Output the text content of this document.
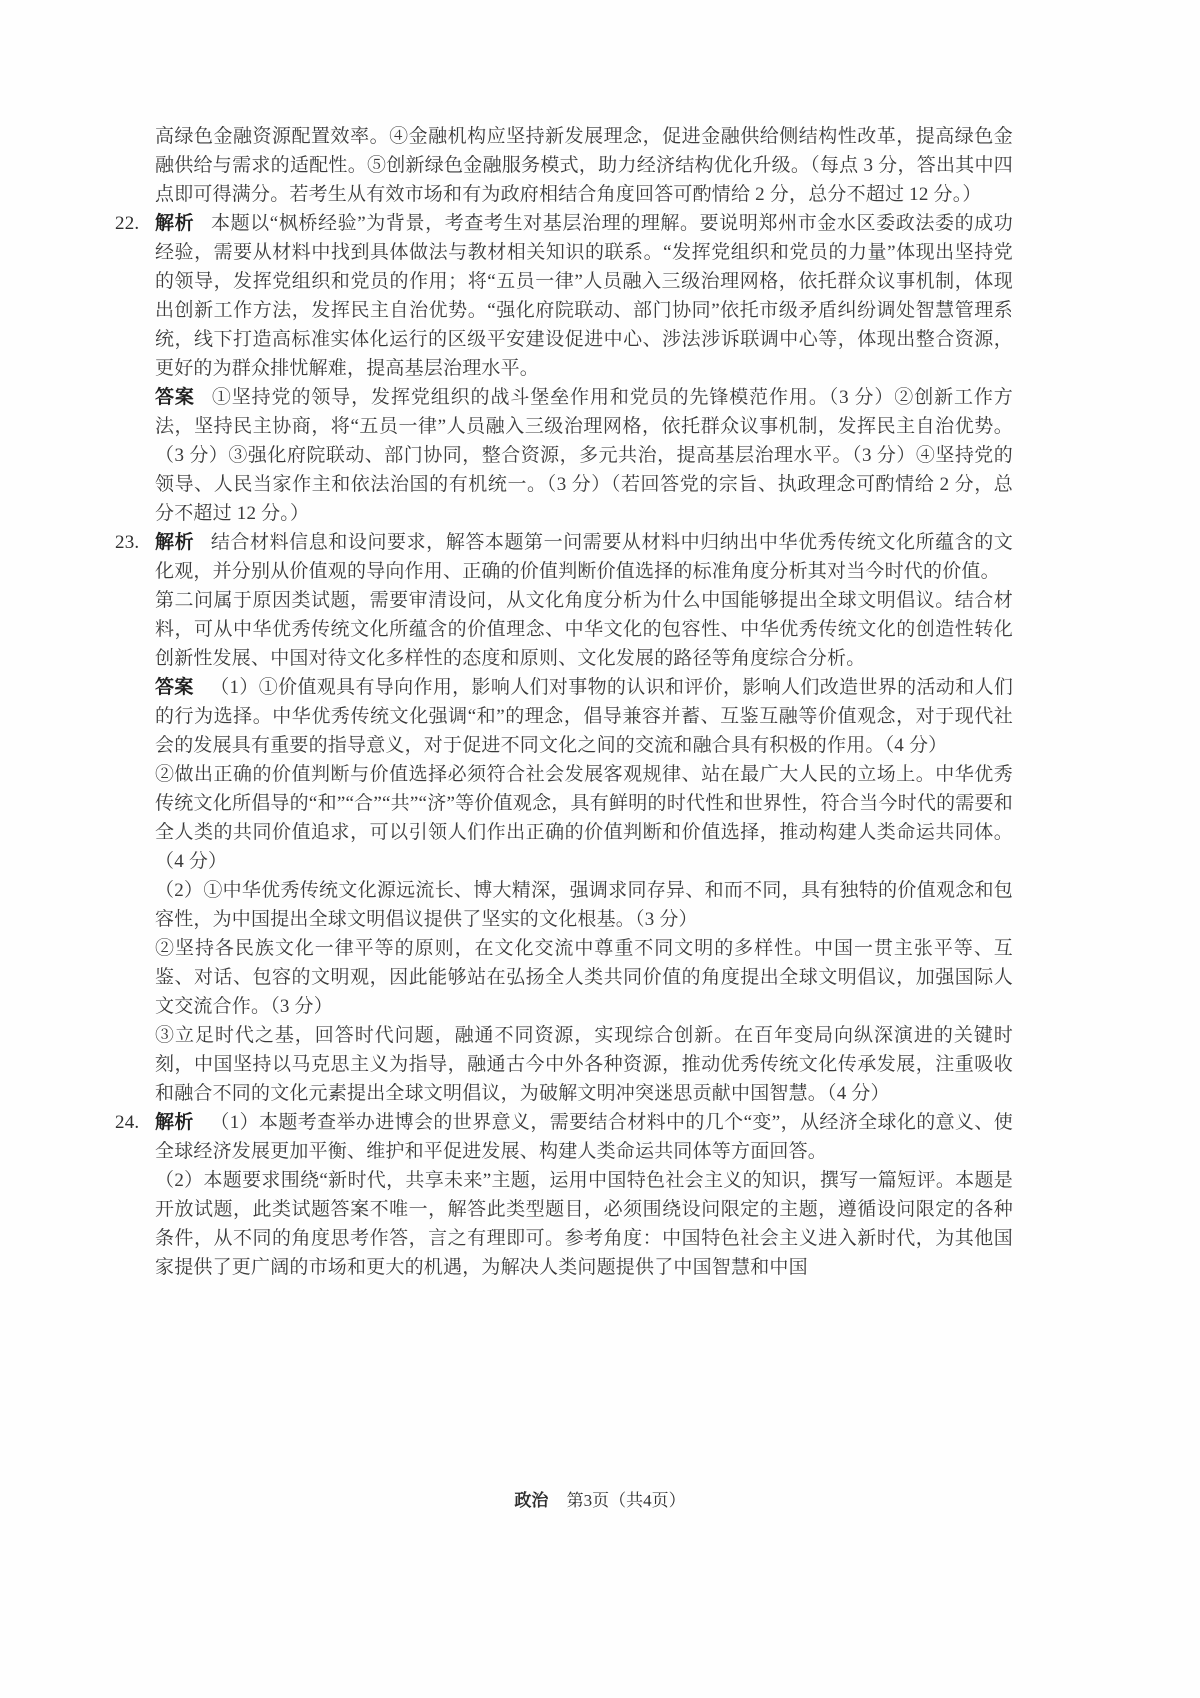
高绿色金融资源配置效率。④金融机构应坚持新发展理念，促进金融供给侧结构性改革，提高绿色金融供给与需求的适配性。⑤创新绿色金融服务模式，助力经济结构优化升级。（每点 3 分，答出其中四点即可得满分。若考生从有效市场和有为政府相结合角度回答可酌情给 2 分，总分不超过 12 分。）

22. 解析 本题以“枫桥经验”为背景，考查考生对基层治理的理解。要说明郑州市金水区委政法委的成功经验，需要从材料中找到具体做法与教材相关知识的联系。“发挥党组织和党员的力量”体现出坚持党的领导，发挥党组织和党员的作用；将“五员一律”人员融入三级治理网格，依托群众议事机制，体现出创新工作方法，发挥民主自治优势。“强化府院联动、部门协同”依托市级矛盾纠纷调处智慧管理系统，线下打造高标准实体化运行的区级平安建设促进中心、涉法涉诉联调中心等，体现出整合资源，更好的为群众排忧解难，提高基层治理水平。

答案 ①坚持党的领导，发挥党组织的战斗堡垒作用和党员的先锋模范作用。（3 分）②创新工作方法，坚持民主协商，将“五员一律”人员融入三级治理网格，依托群众议事机制，发挥民主自治优势。（3 分）③强化府院联动、部门协同，整合资源，多元共治，提高基层治理水平。（3 分）④坚持党的领导、人民当家作主和依法治国的有机统一。（3 分）（若回答党的宗旨、执政理念可酌情给 2 分，总分不超过 12 分。）

23. 解析 结合材料信息和设问要求，解答本题第一问需要从材料中归纳出中华优秀传统文化所蕴含的文化观，并分别从价值观的导向作用、正确的价值判断价值选择的标准角度分析其对当今时代的价值。

第二问属于原因类试题，需要审清设问，从文化角度分析为什么中国能够提出全球文明倡议。结合材料，可从中华优秀传统文化所蕴含的价值理念、中华文化的包容性、中华优秀传统文化的创造性转化创新性发展、中国对待文化多样性的态度和原则、文化发展的路径等角度综合分析。

答案 （1）①价值观具有导向作用，影响人们对事物的认识和评价，影响人们改造世界的活动和人们的行为选择。中华优秀传统文化强调“和”的理念，倡导兼容并蓄、互鉴互融等价值观念，对于现代社会的发展具有重要的指导意义，对于促进不同文化之间的交流和融合具有积极的作用。（4 分）

②做出正确的价值判断与价值选择必须符合社会发展客观规律、站在最广大人民的立场上。中华优秀传统文化所倡导的“和”“合”“共”“济”等价值观念，具有鲜明的时代性和世界性，符合当今时代的需要和全人类的共同价值追求，可以引领人们作出正确的价值判断和价值选择，推动构建人类命运共同体。（4 分）

（2）①中华优秀传统文化源远流长、博大精深，强调求同存异、和而不同，具有独特的价值观念和包容性，为中国提出全球文明倡议提供了坚实的文化根基。（3 分）

②坚持各民族文化一律平等的原则，在文化交流中尊重不同文明的多样性。中国一贯主张平等、互鉴、对话、包容的文明观，因此能够站在弘扬全人类共同价值的角度提出全球文明倡议，加强国际人文交流合作。（3 分）

③立足时代之基，回答时代问题，融通不同资源，实现综合创新。在百年变局向纵深演进的关键时刻，中国坚持以马克思主义为指导，融通古今中外各种资源，推动优秀传统文化传承发展，注重吸收和融合不同的文化元素提出全球文明倡议，为破解文明冲突迷思贡献中国智慧。（4 分）

24. 解析 （1）本题考查举办进博会的世界意义，需要结合材料中的几个“变”，从经济全球化的意义、使全球经济发展更加平衡、维护和平促进发展、构建人类命运共同体等方面回答。

（2）本题要求围绕“新时代，共享未来”主题，运用中国特色社会主义的知识，撰写一篇短评。本题是开放试题，此类试题答案不唯一，解答此类型题目，必须围绕设问限定的主题，遵循设问限定的各种条件，从不同的角度思考作答，言之有理即可。参考角度：中国特色社会主义进入新时代，为其他国家提供了更广阔的市场和更大的机遇，为解决人类问题提供了中国智慧和中国

政治 第3页（共4页）
